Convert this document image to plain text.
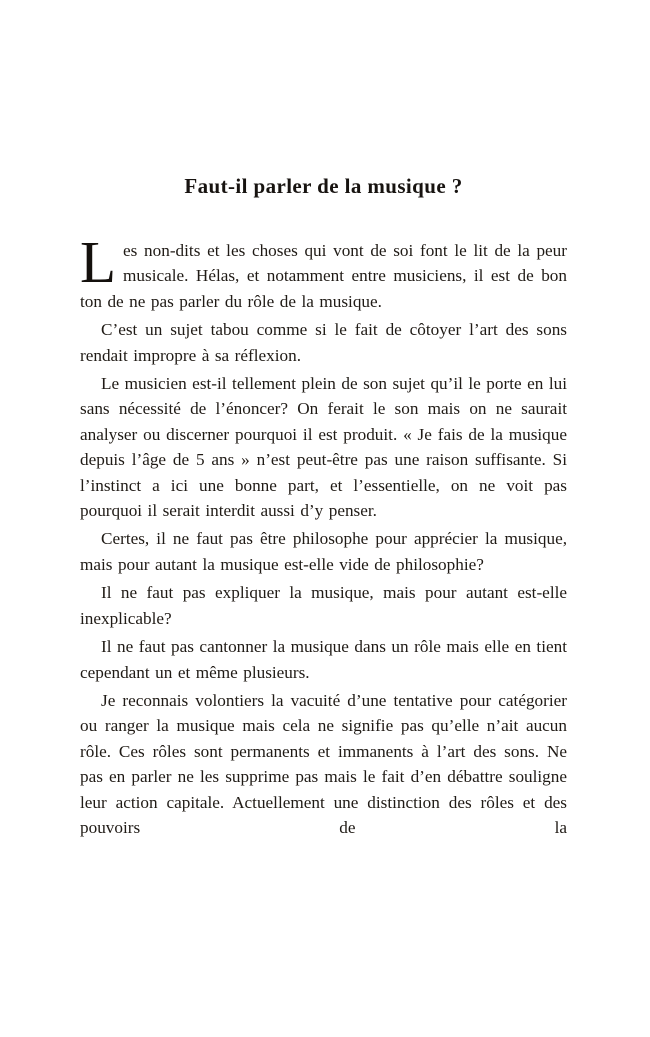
Faut-il parler de la musique ?

Les non-dits et les choses qui vont de soi font le lit de la peur musicale. Hélas, et notamment entre musiciens, il est de bon ton de ne pas parler du rôle de la musique.

C’est un sujet tabou comme si le fait de côtoyer l’art des sons rendait impropre à sa réflexion.

Le musicien est-il tellement plein de son sujet qu’il le porte en lui sans nécessité de l’énoncer? On ferait le son mais on ne saurait analyser ou discerner pourquoi il est produit. « Je fais de la musique depuis l’âge de 5 ans » n’est peut-être pas une raison suffisante. Si l’instinct a ici une bonne part, et l’essentielle, on ne voit pas pourquoi il serait interdit aussi d’y penser.

Certes, il ne faut pas être philosophe pour apprécier la musique, mais pour autant la musique est-elle vide de philosophie?

Il ne faut pas expliquer la musique, mais pour autant est-elle inexplicable?

Il ne faut pas cantonner la musique dans un rôle mais elle en tient cependant un et même plusieurs.

Je reconnais volontiers la vacuité d’une tentative pour catégorier ou ranger la musique mais cela ne signifie pas qu’elle n’ait aucun rôle. Ces rôles sont permanents et immanents à l’art des sons. Ne pas en parler ne les supprime pas mais le fait d’en débattre souligne leur action capitale. Actuellement une distinction des rôles et des pouvoirs de la
